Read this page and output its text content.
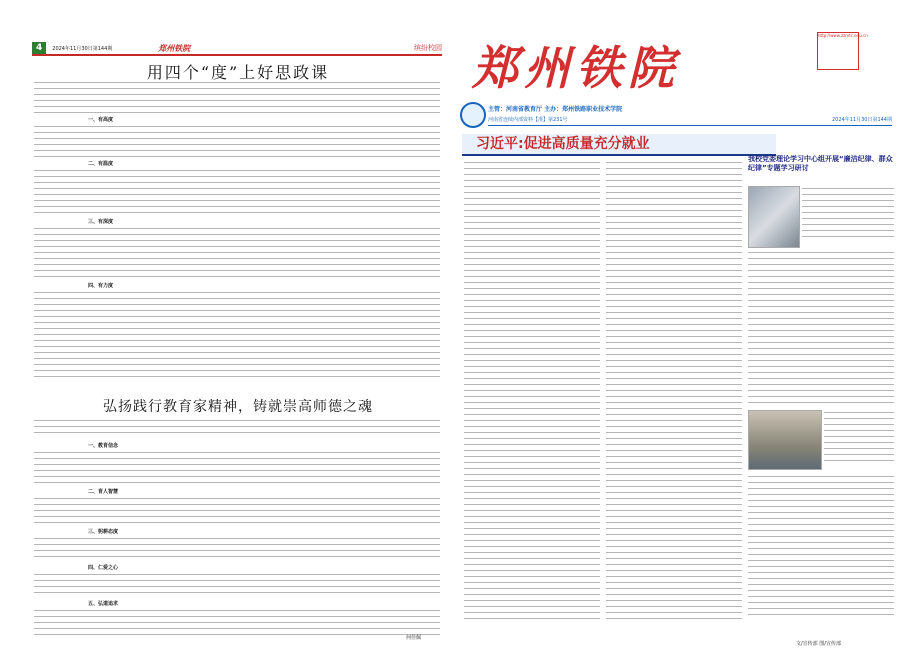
4	2024年11月30日第144期	郑州铁院	缤纷校园
用四个“度”上好思政课
一、有高度
二、有温度
三、有深度
四、有力度
弘扬践行教育家精神，铸就崇高师德之魂
一、教育信念
二、育人智慧
三、躬耕态度
四、仁爱之心
五、弘道追求
何佳佩
郑州铁院
http://www.zzrvtc.edu.cn
主管：河南省教育厅 主办：郑州铁路职业技术学院
河南省连续内部资料【准】第231号	2024年11月30日第144期
习近平:促进高质量充分就业
我校党委理论学习中心组开展“廉洁纪律、群众纪律”专题学习研讨
文/宣传部 图/宣传部
